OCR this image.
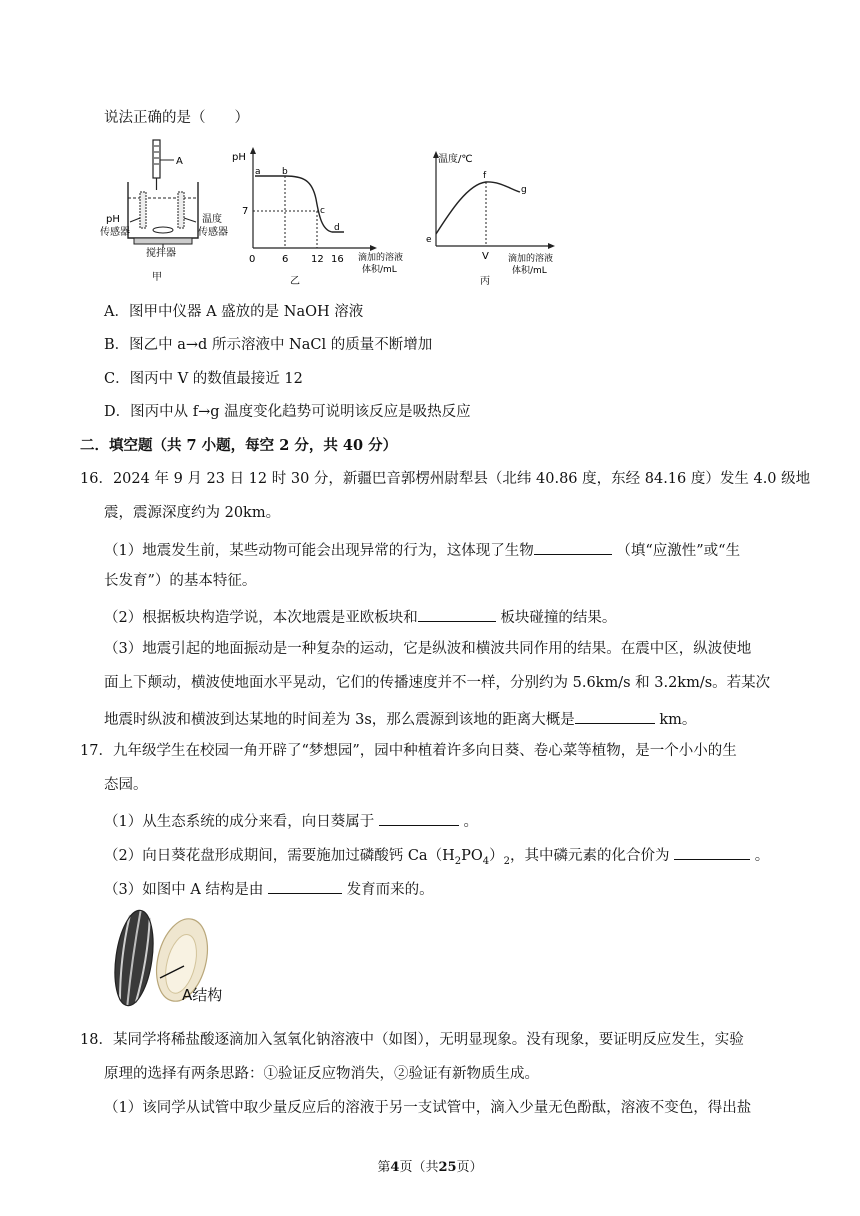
说法正确的是（　　）
A
pH
传感器
温度
传感器
搅拌器
甲
pH
7
a b
c
d
0	6 12 16 滴加的溶液
体积/mL
乙
温度/℃
e
f
g
V 滴加的溶液
体积/mL
丙
A．图甲中仪器 A 盛放的是 NaOH 溶液
B．图乙中 a→d 所示溶液中 NaCl 的质量不断增加
C．图丙中 V 的数值最接近 12
D．图丙中从 f→g 温度变化趋势可说明该反应是吸热反应
二．填空题（共 7 小题，每空 2 分，共 40 分）
16．2024 年 9 月 23 日 12 时 30 分，新疆巴音郭楞州尉犁县（北纬 40.86 度，东经 84.16 度）发生 4.0 级地
震，震源深度约为 20km。
（1）地震发生前，某些动物可能会出现异常的行为，这体现了生物	（填“应激性”或“生
长发育”）的基本特征。
（2）根据板块构造学说，本次地震是亚欧板块和	板块碰撞的结果。
（3）地震引起的地面振动是一种复杂的运动，它是纵波和横波共同作用的结果。在震中区，纵波使地
面上下颠动，横波使地面水平晃动，它们的传播速度并不一样，分别约为 5.6km/s 和 3.2km/s。若某次
地震时纵波和横波到达某地的时间差为 3s，那么震源到该地的距离大概是	km。
17．九年级学生在校园一角开辟了“梦想园”，园中种植着许多向日葵、卷心菜等植物，是一个小小的生
态园。
（1）从生态系统的成分来看，向日葵属于	。
（2）向日葵花盘形成期间，需要施加过磷酸钙 $Ca(H_2PO_4)_2$，其中磷元素的化合价为	。
（3）如图中 A 结构是由	发育而来的。
A结构
18．某同学将稀盐酸逐滴加入氢氧化钠溶液中（如图），无明显现象。没有现象，要证明反应发生，实验
原理的选择有两条思路：①验证反应物消失，②验证有新物质生成。
（1）该同学从试管中取少量反应后的溶液于另一支试管中，滴入少量无色酚酞，溶液不变色，得出盐
第4页（共25页）
